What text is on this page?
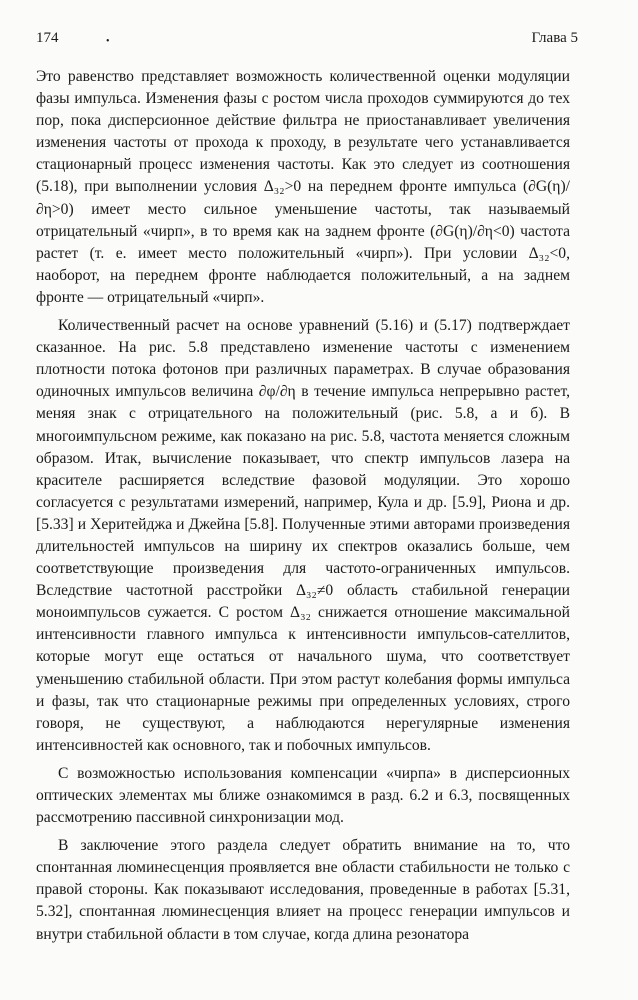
174	•	Глава 5

Это равенство представляет возможность количественной оценки модуляции фазы импульса. Изменения фазы с ростом числа проходов суммируются до тех пор, пока дисперсионное действие фильтра не приостанавливает увеличения изменения частоты от прохода к проходу, в результате чего устанавливается стационарный процесс изменения частоты. Как это следует из соотношения (5.18), при выполнении условия Δ₃₂>0 на переднем фронте импульса (∂G(η)/∂η>0) имеет место сильное уменьшение частоты, так называемый отрицательный «чирп», в то время как на заднем фронте (∂G(η)/∂η<0) частота растет (т. е. имеет место положительный «чирп»). При условии Δ₃₂<0, наоборот, на переднем фронте наблюдается положительный, а на заднем фронте — отрицательный «чирп».

Количественный расчет на основе уравнений (5.16) и (5.17) подтверждает сказанное. На рис. 5.8 представлено изменение частоты с изменением плотности потока фотонов при различных параметрах. В случае образования одиночных импульсов величина ∂φ/∂η в течение импульса непрерывно растет, меняя знак с отрицательного на положительный (рис. 5.8, а и б). В многоимпульсном режиме, как показано на рис. 5.8, частота меняется сложным образом. Итак, вычисление показывает, что спектр импульсов лазера на красителе расширяется вследствие фазовой модуляции. Это хорошо согласуется с результатами измерений, например, Кула и др. [5.9], Риона и др. [5.33] и Херитейджа и Джейна [5.8]. Полученные этими авторами произведения длительностей импульсов на ширину их спектров оказались больше, чем соответствующие произведения для частото-ограниченных импульсов. Вследствие частотной расстройки Δ₃₂≠0 область стабильной генерации моноимпульсов сужается. С ростом Δ₃₂ снижается отношение максимальной интенсивности главного импульса к интенсивности импульсов-сателлитов, которые могут еще остаться от начального шума, что соответствует уменьшению стабильной области. При этом растут колебания формы импульса и фазы, так что стационарные режимы при определенных условиях, строго говоря, не существуют, а наблюдаются нерегулярные изменения интенсивностей как основного, так и побочных импульсов.

С возможностью использования компенсации «чирпа» в дисперсионных оптических элементах мы ближе ознакомимся в разд. 6.2 и 6.3, посвященных рассмотрению пассивной синхронизации мод.

В заключение этого раздела следует обратить внимание на то, что спонтанная люминесценция проявляется вне области стабильности не только с правой стороны. Как показывают исследования, проведенные в работах [5.31, 5.32], спонтанная люминесценция влияет на процесс генерации импульсов и внутри стабильной области в том случае, когда длина резонатора
